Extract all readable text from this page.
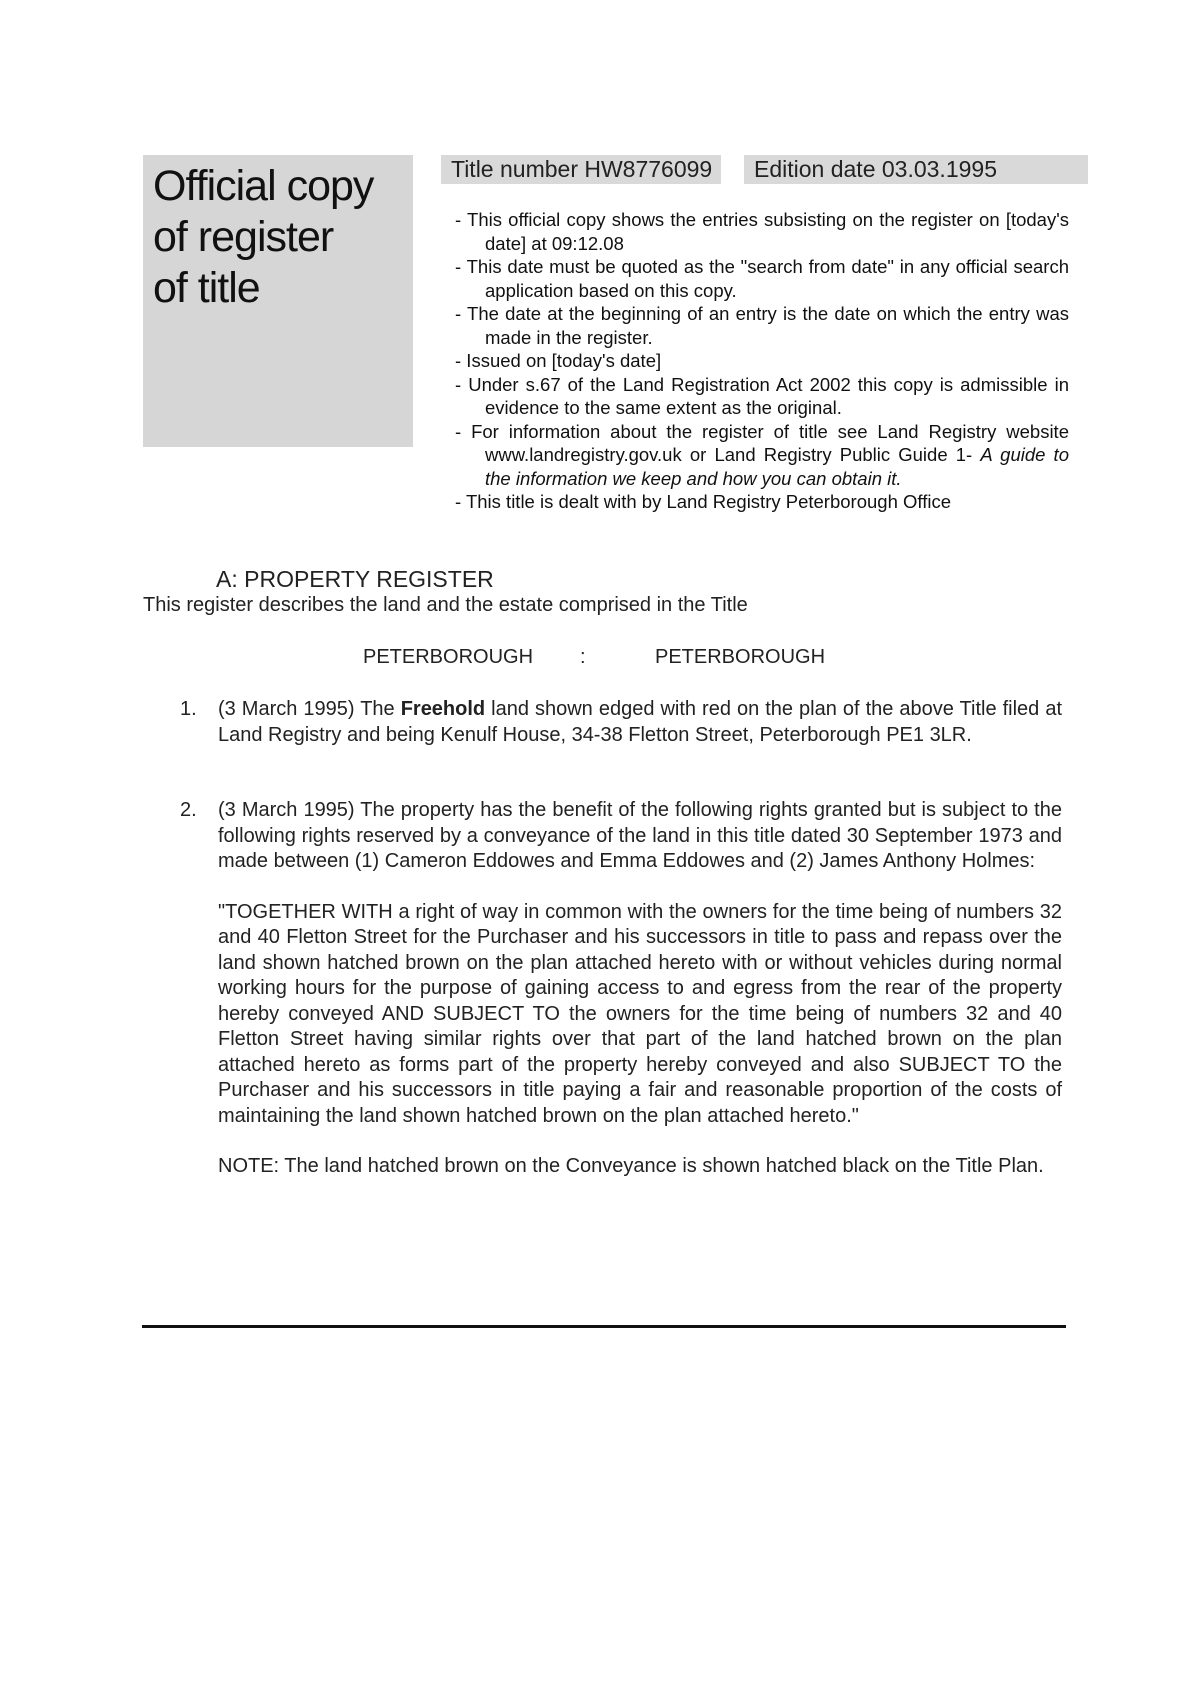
Official copy
of register
of title
Title number HW8776099	Edition date 03.03.1995
- This official copy shows the entries subsisting on the register on [today's date] at 09:12.08
- This date must be quoted as the "search from date" in any official search application based on this copy.
- The date at the beginning of an entry is the date on which the entry was made in the register.
- Issued on [today's date]
- Under s.67 of the Land Registration Act 2002 this copy is admissible in evidence to the same extent as the original.
- For information about the register of title see Land Registry website www.landregistry.gov.uk or Land Registry Public Guide 1- A guide to the information we keep and how you can obtain it.
- This title is dealt with by Land Registry Peterborough Office
A: PROPERTY REGISTER
This register describes the land and the estate comprised in the Title
PETERBOROUGH :	PETERBOROUGH
1. (3 March 1995) The Freehold land shown edged with red on the plan of the above Title filed at Land Registry and being Kenulf House, 34-38 Fletton Street, Peterborough PE1 3LR.

2. (3 March 1995) The property has the benefit of the following rights granted but is subject to the following rights reserved by a conveyance of the land in this title dated 30 September 1973 and made between (1) Cameron Eddowes and Emma Eddowes and (2) James Anthony Holmes:

"TOGETHER WITH a right of way in common with the owners for the time being of numbers 32 and 40 Fletton Street for the Purchaser and his successors in title to pass and repass over the land shown hatched brown on the plan attached hereto with or without vehicles during normal working hours for the purpose of gaining access to and egress from the rear of the property hereby conveyed AND SUBJECT TO the owners for the time being of numbers 32 and 40 Fletton Street having similar rights over that part of the land hatched brown on the plan attached hereto as forms part of the property hereby conveyed and also SUBJECT TO the Purchaser and his successors in title paying a fair and reasonable proportion of the costs of maintaining the land shown hatched brown on the plan attached hereto."

NOTE: The land hatched brown on the Conveyance is shown hatched black on the Title Plan.
